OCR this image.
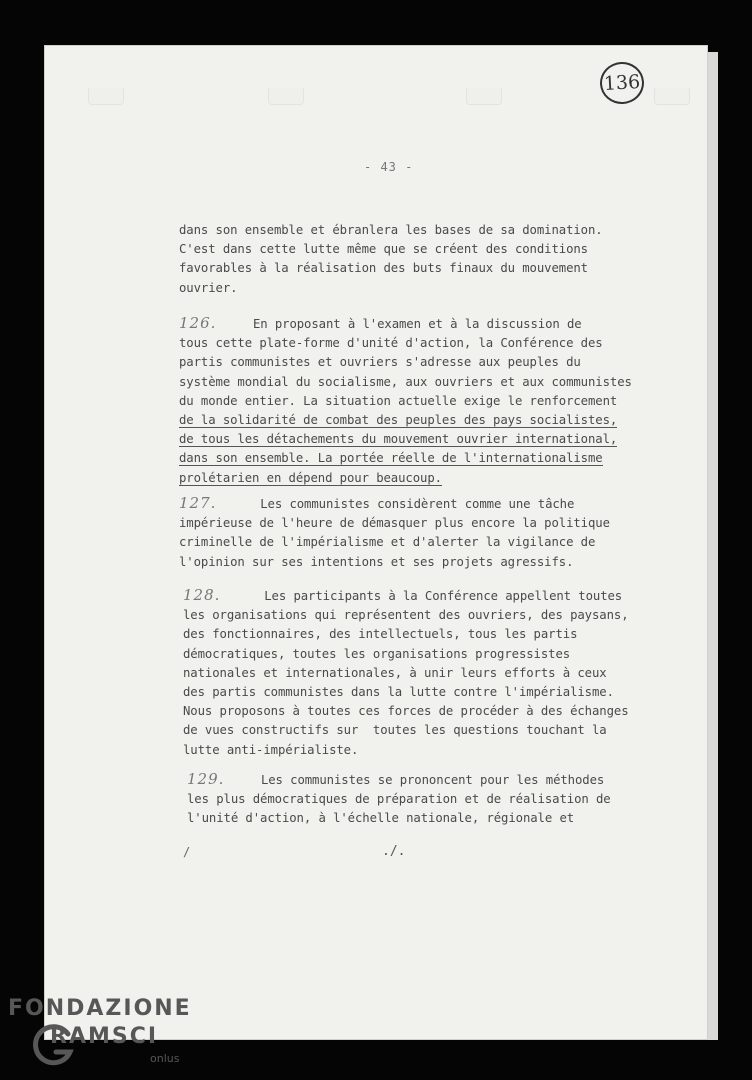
136
- 43 -
dans son ensemble et ébranlera les bases de sa domination.
C'est dans cette lutte même que se créent des conditions
favorables à la réalisation des buts finaux du mouvement
ouvrier.
126.	En proposant à l'examen et à la discussion de
tous cette plate-forme d'unité d'action, la Conférence des
partis communistes et ouvriers s'adresse aux peuples du
système mondial du socialisme, aux ouvriers et aux communistes
du monde entier. La situation actuelle exige le renforcement
de la solidarité de combat des peuples des pays socialistes,
de tous les détachements du mouvement ouvrier international,
dans son ensemble. La portée réelle de l'internationalisme
prolétarien en dépend pour beaucoup.
127.	Les communistes considèrent comme une tâche
impérieuse de l'heure de démasquer plus encore la politique
criminelle de l'impérialisme et d'alerter la vigilance de
l'opinion sur ses intentions et ses projets agressifs.
128.	Les participants à la Conférence appellent toutes
les organisations qui représentent des ouvriers, des paysans,
des fonctionnaires, des intellectuels, tous les partis
démocratiques, toutes les organisations progressistes
nationales et internationales, à unir leurs efforts à ceux
des partis communistes dans la lutte contre l'impérialisme.
Nous proposons à toutes ces forces de procéder à des échanges
de vues constructifs sur  toutes les questions touchant la
lutte anti-impérialiste.
129.	Les communistes se prononcent pour les méthodes
les plus démocratiques de préparation et de réalisation de
l'unité d'action, à l'échelle nationale, régionale et
/	./.
FONDAZIONE
RAMSCI
onlus
